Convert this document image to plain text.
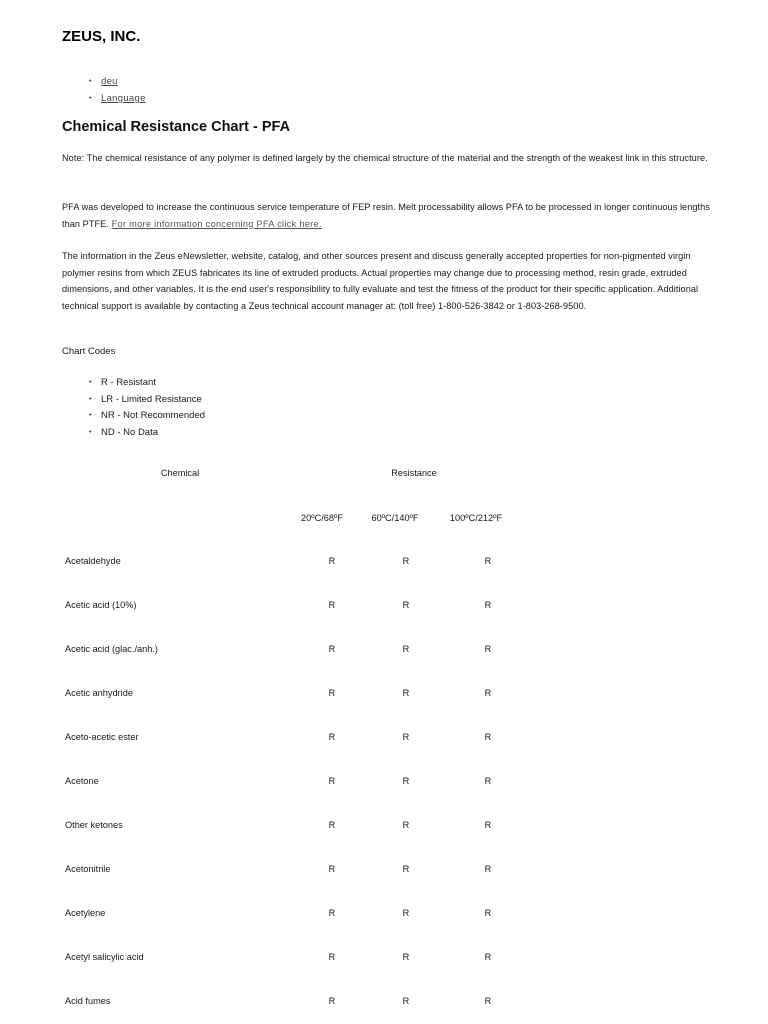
ZEUS, INC.
• deu
• Language
Chemical Resistance Chart - PFA

Note: The chemical resistance of any polymer is defined largely by the chemical structure of the material and the strength of the weakest link in this structure.

PFA was developed to increase the continuous service temperature of FEP resin. Melt processability allows PFA to be processed in longer continuous lengths than PTFE. For more information concerning PFA click here.

The information in the Zeus eNewsletter, website, catalog, and other sources present and discuss generally accepted properties for non-pigmented virgin polymer resins from which ZEUS fabricates its line of extruded products. Actual properties may change due to processing method, resin grade, extruded dimensions, and other variables. It is the end user's responsibility to fully evaluate and test the fitness of the product for their specific application. Additional technical support is available by contacting a Zeus technical account manager at: (toll free) 1-800-526-3842 or 1-803-268-9500.

Chart Codes

• R - Resistant
• LR - Limited Resistance
• NR - Not Recommended
• ND - No Data
Chemical	Resistance
20ºC/68ºF	60ºC/140ºF	100ºC/212ºF
Acetaldehyde	R	R	R
Acetic acid (10%)	R	R	R
Acetic acid (glac./anh.)	R	R	R
Acetic anhydride	R	R	R
Aceto-acetic ester	R	R	R
Acetone	R	R	R
Other ketones	R	R	R
Acetonitrile	R	R	R
Acetylene	R	R	R
Acetyl salicylic acid	R	R	R
Acid fumes	R	R	R
